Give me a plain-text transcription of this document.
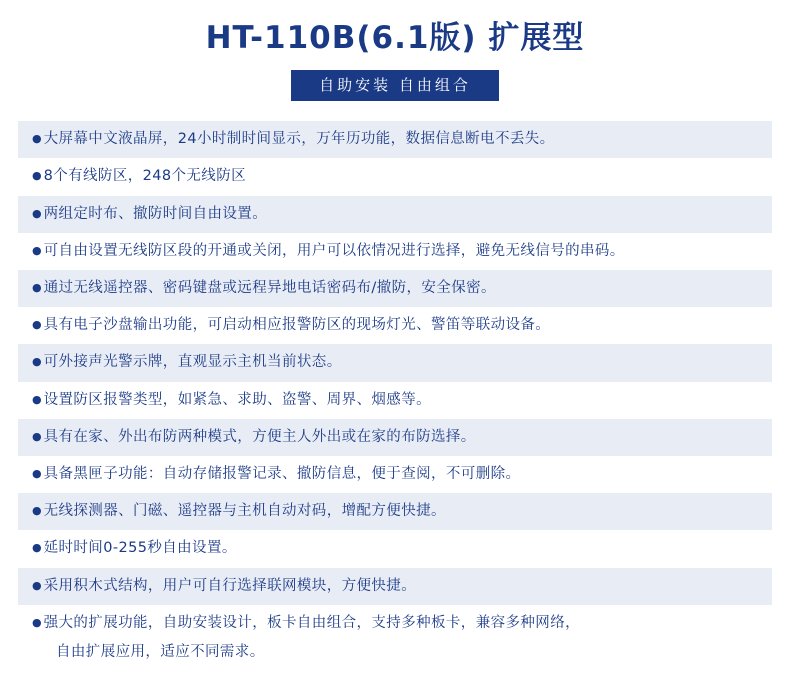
HT-110B(6.1版) 扩展型
自助安装 自由组合
● 大屏幕中文液晶屏，24小时制时间显示，万年历功能，数据信息断电不丢失。
● 8个有线防区，248个无线防区
● 两组定时布、撤防时间自由设置。
● 可自由设置无线防区段的开通或关闭，用户可以依情况进行选择，避免无线信号的串码。
● 通过无线遥控器、密码键盘或远程异地电话密码布/撤防，安全保密。
● 具有电子沙盘输出功能，可启动相应报警防区的现场灯光、警笛等联动设备。
● 可外接声光警示牌，直观显示主机当前状态。
● 设置防区报警类型，如紧急、求助、盗警、周界、烟感等。
● 具有在家、外出布防两种模式，方便主人外出或在家的布防选择。
● 具备黑匣子功能：自动存储报警记录、撤防信息，便于查阅，不可删除。
● 无线探测器、门磁、遥控器与主机自动对码，增配方便快捷。
● 延时时间0-255秒自由设置。
● 采用积木式结构，用户可自行选择联网模块，方便快捷。
● 强大的扩展功能，自助安装设计，板卡自由组合，支持多种板卡，兼容多种网络，
自由扩展应用，适应不同需求。
